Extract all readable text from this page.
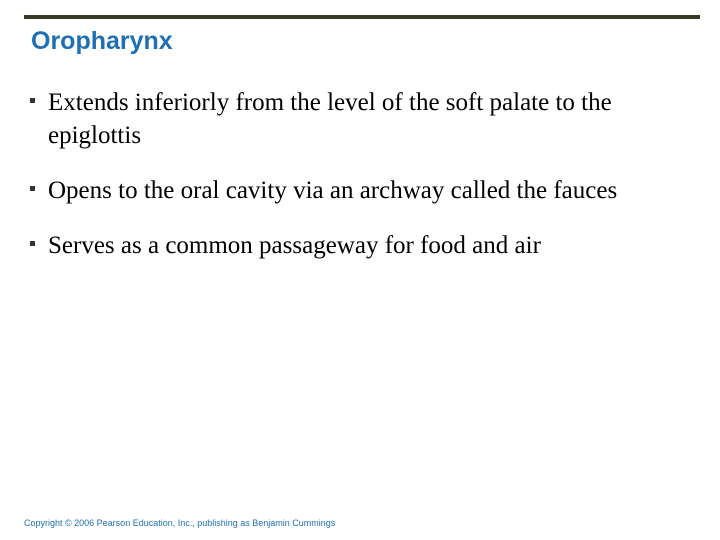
Oropharynx
Extends inferiorly from the level of the soft palate to the epiglottis
Opens to the oral cavity via an archway called the fauces
Serves as a common passageway for food and air
Copyright © 2006 Pearson Education, Inc., publishing as Benjamin Cummings
